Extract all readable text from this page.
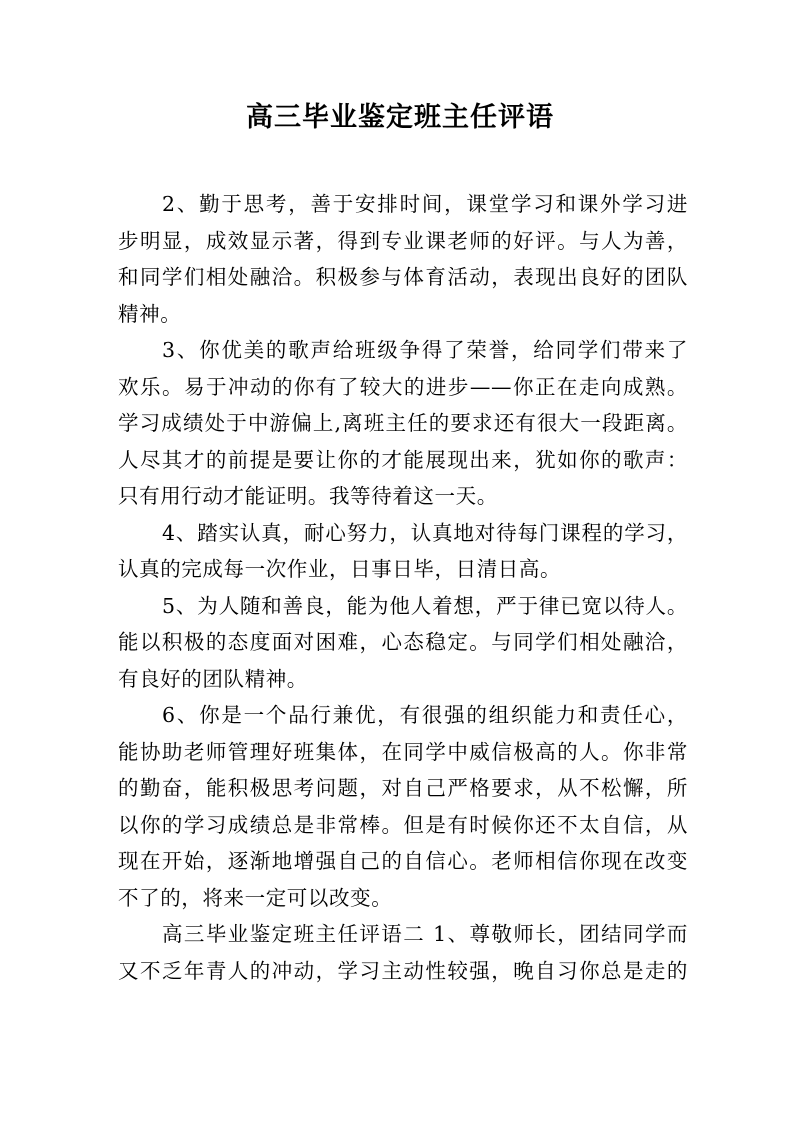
高三毕业鉴定班主任评语
2、勤于思考，善于安排时间，课堂学习和课外学习进
步明显，成效显示著，得到专业课老师的好评。与人为善，
和同学们相处融洽。积极参与体育活动，表现出良好的团队
精神。
3、你优美的歌声给班级争得了荣誉，给同学们带来了
欢乐。易于冲动的你有了较大的进步——你正在走向成熟。
学习成绩处于中游偏上,离班主任的要求还有很大一段距离。
人尽其才的前提是要让你的才能展现出来，犹如你的歌声：
只有用行动才能证明。我等待着这一天。
4、踏实认真，耐心努力，认真地对待每门课程的学习，
认真的完成每一次作业，日事日毕，日清日高。
5、为人随和善良，能为他人着想，严于律已宽以待人。
能以积极的态度面对困难，心态稳定。与同学们相处融洽，
有良好的团队精神。
6、你是一个品行兼优，有很强的组织能力和责任心，
能协助老师管理好班集体，在同学中威信极高的人。你非常
的勤奋，能积极思考问题，对自己严格要求，从不松懈，所
以你的学习成绩总是非常棒。但是有时候你还不太自信，从
现在开始，逐渐地增强自己的自信心。老师相信你现在改变
不了的，将来一定可以改变。
高三毕业鉴定班主任评语二 1、尊敬师长，团结同学而
又不乏年青人的冲动，学习主动性较强，晚自习你总是走的
